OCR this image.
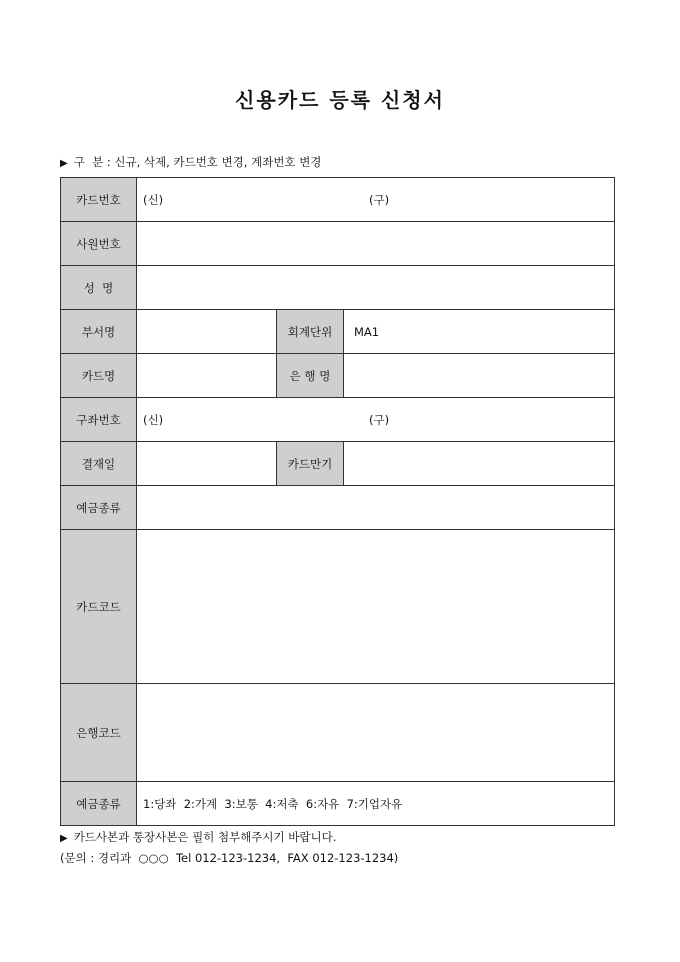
신용카드 등록 신청서
▶ 구  분 : 신규, 삭제, 카드번호 변경, 계좌번호 변경
카드번호	(신) (구)		
사원번호			
성  명			
부서명		회계단위	MA1
카드명		은 행 명	
구좌번호	(신) (구)		
결재일		카드만기	
예금종류			
카드코드			
은행코드			
예금종류	1:당좌  2:가계  3:보통  4:저축  6:자유  7:기업자유		
▶ 카드사본과 통장사본은 필히 첨부해주시기 바랍니다.
(문의 : 경리과  ○○○  Tel 012-123-1234,  FAX 012-123-1234)
